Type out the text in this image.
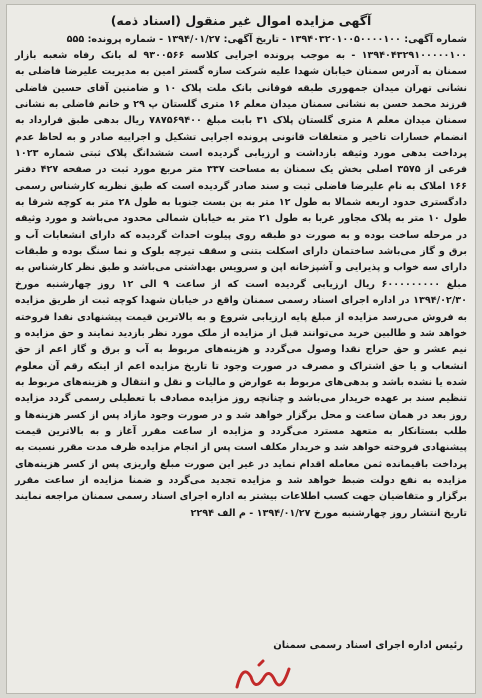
آگهی مزایده اموال غیر منقول (اسناد ذمه)
شماره آگهی: ۱۳۹۴۰۳۲۰۱۰۰۵۰۰۰۰۱۰۰ - تاریخ آگهی: ۱۳۹۴/۰۱/۲۷ - شماره پرونده: ۵۵۵

۱۳۹۴۰۴۳۲۹۱۰۰۰۰۰۱۰۰ - به موجب پرونده اجرایی کلاسه ۹۳۰۰۵۶۶ له بانک رفاه شعبه بازار سمنان به آدرس سمنان خیابان شهدا علیه شرکت سازه گستر امین به مدیریت علیرضا فاضلی به نشانی تهران میدان جمهوری طبقه فوقانی بانک ملت پلاک ۱۰ و ضامنین آقای حسین فاضلی فرزند محمد حسن به نشانی سمنان میدان معلم ۱۶ متری گلستان پ ۲۹ و خانم فاضلی به نشانی سمنان میدان معلم ۸ متری گلستان پلاک ۳۱ بابت مبلغ ۷۸۷۵۶۹۴۰۰ ریال بدهی طبق قرارداد به انضمام خسارات تاخیر و متعلقات قانونی پرونده اجرایی تشکیل و اجراییه صادر و به لحاظ عدم پرداخت بدهی مورد وثیقه بازداشت و ارزیابی گردیده است ششدانگ پلاک ثبتی شماره ۱۰۲۳ فرعی از ۳۵۷۵ اصلی بخش یک سمنان به مساحت ۳۳۷ متر مربع مورد ثبت در صفحه ۴۲۷ دفتر ۱۶۶ املاک به نام علیرضا فاضلی ثبت و سند صادر گردیده است که طبق نظریه کارشناس رسمی دادگستری حدود اربعه شمالا به طول ۱۲ متر به بن بست جنوبا به طول ۲۸ متر به کوچه شرقا به طول ۱۰ متر به پلاک مجاور غربا به طول ۲۱ متر به خیابان شمالی محدود می‌باشد و مورد وثیقه در مرحله ساخت بوده و به صورت دو طبقه روی پیلوت احداث گردیده که دارای انشعابات آب و برق و گاز می‌باشد ساختمان دارای اسکلت بتنی و سقف تیرچه بلوک و نما سنگ بوده و طبقات دارای سه خواب و پذیرایی و آشپزخانه اپن و سرویس بهداشتی می‌باشد و طبق نظر کارشناس به مبلغ ۶۰۰۰۰۰۰۰۰۰ ریال ارزیابی گردیده است که از ساعت ۹ الی ۱۲ روز چهارشنبه مورخ ۱۳۹۴/۰۲/۳۰ در اداره اجرای اسناد رسمی سمنان واقع در خیابان شهدا کوچه ثبت از طریق مزایده به فروش می‌رسد مزایده از مبلغ پایه ارزیابی شروع و به بالاترین قیمت پیشنهادی نقدا فروخته خواهد شد و طالبین خرید می‌توانند قبل از مزایده از ملک مورد نظر بازدید نمایند و حق مزایده و نیم عشر و حق حراج نقدا وصول می‌گردد و هزینه‌های مربوط به آب و برق و گاز اعم از حق انشعاب و یا حق اشتراک و مصرف در صورت وجود تا تاریخ مزایده اعم از اینکه رقم آن معلوم شده یا نشده باشد و بدهی‌های مربوط به عوارض و مالیات و نقل و انتقال و هزینه‌های مربوط به تنظیم سند بر عهده خریدار می‌باشد و چنانچه روز مزایده مصادف با تعطیلی رسمی گردد مزایده روز بعد در همان ساعت و محل برگزار خواهد شد و در صورت وجود مازاد پس از کسر هزینه‌ها و طلب بستانکار به متعهد مسترد می‌گردد و مزایده از ساعت مقرر آغاز و به بالاترین قیمت پیشنهادی فروخته خواهد شد و خریدار مکلف است پس از انجام مزایده ظرف مدت مقرر نسبت به پرداخت باقیمانده ثمن معامله اقدام نماید در غیر این صورت مبلغ واریزی پس از کسر هزینه‌های مزایده به نفع دولت ضبط خواهد شد و مزایده تجدید می‌گردد و ضمنا مزایده از ساعت مقرر برگزار و متقاضیان جهت کسب اطلاعات بیشتر به اداره اجرای اسناد رسمی سمنان مراجعه نمایند تاریخ انتشار روز چهارشنبه مورخ ۱۳۹۴/۰۱/۲۷ - م الف ۲۲۹۴

رئیس اداره اجرای اسناد رسمی سمنان
